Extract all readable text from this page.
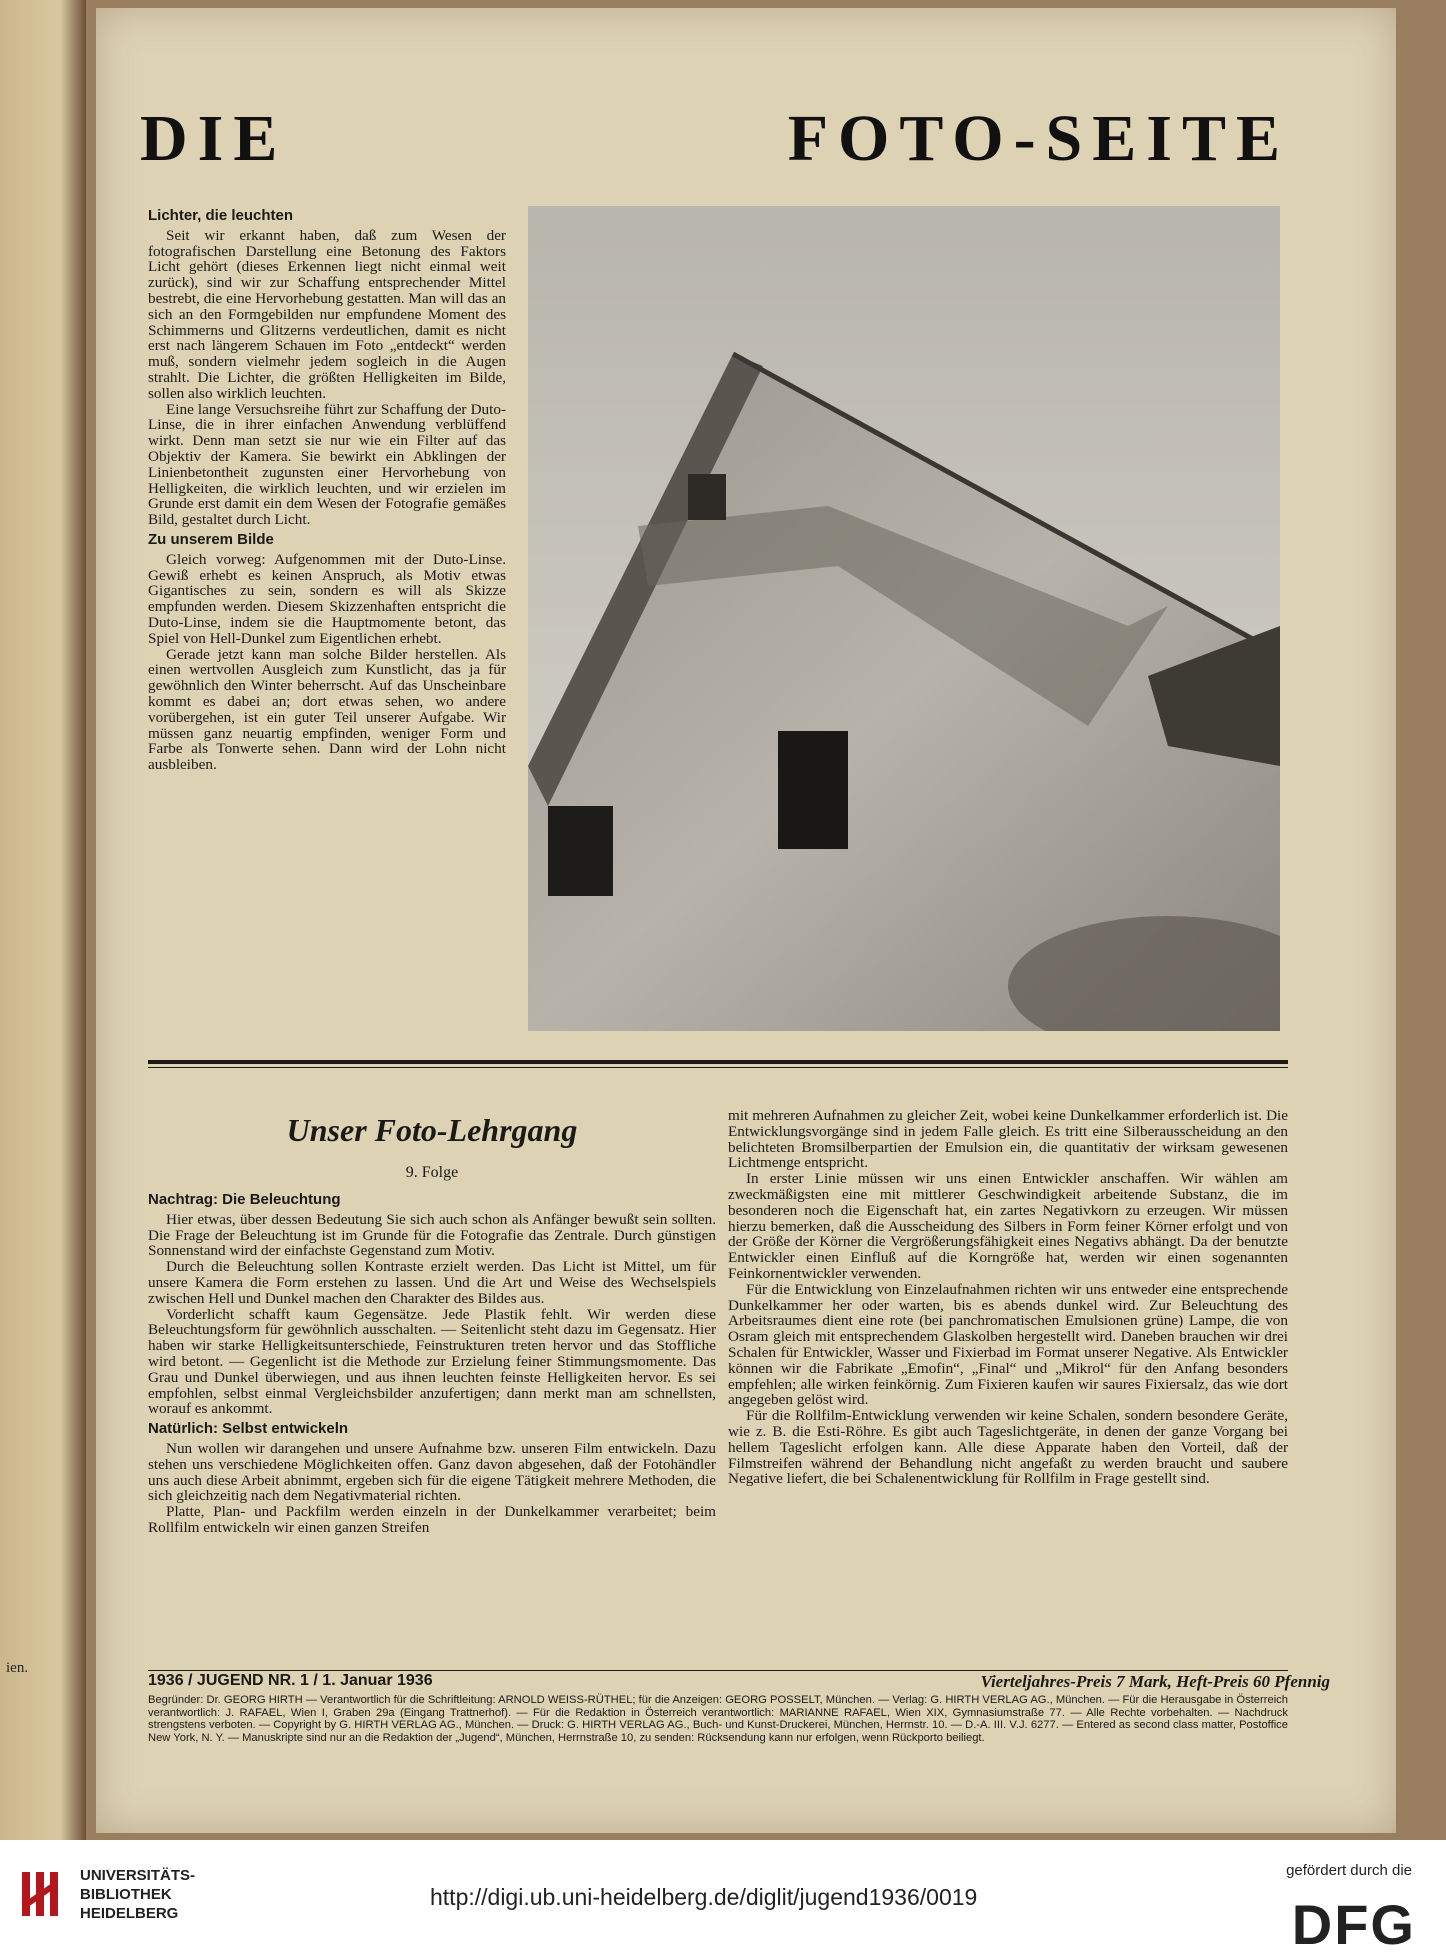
ien.
DIE FOTO-SEITE
Lichter, die leuchten

Seit wir erkannt haben, daß zum Wesen der fotografischen Darstellung eine Betonung des Faktors Licht gehört (dieses Erkennen liegt nicht einmal weit zurück), sind wir zur Schaffung entsprechender Mittel bestrebt, die eine Hervorhebung gestatten. Man will das an sich an den Formgebilden nur empfundene Moment des Schimmerns und Glitzerns verdeutlichen, damit es nicht erst nach längerem Schauen im Foto „entdeckt“ werden muß, sondern vielmehr jedem sogleich in die Augen strahlt. Die Lichter, die größten Helligkeiten im Bilde, sollen also wirklich leuchten.

Eine lange Versuchsreihe führt zur Schaffung der Duto-Linse, die in ihrer einfachen Anwendung verblüffend wirkt. Denn man setzt sie nur wie ein Filter auf das Objektiv der Kamera. Sie bewirkt ein Abklingen der Linienbetontheit zugunsten einer Hervorhebung von Helligkeiten, die wirklich leuchten, und wir erzielen im Grunde erst damit ein dem Wesen der Fotografie gemäßes Bild, gestaltet durch Licht.

Zu unserem Bilde

Gleich vorweg: Aufgenommen mit der Duto-Linse. Gewiß erhebt es keinen Anspruch, als Motiv etwas Gigantisches zu sein, sondern es will als Skizze empfunden werden. Diesem Skizzenhaften entspricht die Duto-Linse, indem sie die Hauptmomente betont, das Spiel von Hell-Dunkel zum Eigentlichen erhebt.

Gerade jetzt kann man solche Bilder herstellen. Als einen wertvollen Ausgleich zum Kunstlicht, das ja für gewöhnlich den Winter beherrscht. Auf das Unscheinbare kommt es dabei an; dort etwas sehen, wo andere vorübergehen, ist ein guter Teil unserer Aufgabe. Wir müssen ganz neuartig empfinden, weniger Form und Farbe als Tonwerte sehen. Dann wird der Lohn nicht ausbleiben.

Unser Foto-Lehrgang
9. Folge
Nachtrag: Die Beleuchtung

Hier etwas, über dessen Bedeutung Sie sich auch schon als Anfänger bewußt sein sollten. Die Frage der Beleuchtung ist im Grunde für die Fotografie das Zentrale. Durch günstigen Sonnenstand wird der einfachste Gegenstand zum Motiv.

Durch die Beleuchtung sollen Kontraste erzielt werden. Das Licht ist Mittel, um für unsere Kamera die Form erstehen zu lassen. Und die Art und Weise des Wechselspiels zwischen Hell und Dunkel machen den Charakter des Bildes aus.

Vorderlicht schafft kaum Gegensätze. Jede Plastik fehlt. Wir werden diese Beleuchtungsform für gewöhnlich ausschalten. — Seitenlicht steht dazu im Gegensatz. Hier haben wir starke Helligkeitsunterschiede, Feinstrukturen treten hervor und das Stoffliche wird betont. — Gegenlicht ist die Methode zur Erzielung feiner Stimmungsmomente. Das Grau und Dunkel überwiegen, und aus ihnen leuchten feinste Helligkeiten hervor. Es sei empfohlen, selbst einmal Vergleichsbilder anzufertigen; dann merkt man am schnellsten, worauf es ankommt.

Natürlich: Selbst entwickeln

Nun wollen wir darangehen und unsere Aufnahme bzw. unseren Film entwickeln. Dazu stehen uns verschiedene Möglichkeiten offen. Ganz davon abgesehen, daß der Fotohändler uns auch diese Arbeit abnimmt, ergeben sich für die eigene Tätigkeit mehrere Methoden, die sich gleichzeitig nach dem Negativmaterial richten.

Platte, Plan- und Packfilm werden einzeln in der Dunkelkammer verarbeitet; beim Rollfilm entwickeln wir einen ganzen Streifen

mit mehreren Aufnahmen zu gleicher Zeit, wobei keine Dunkelkammer erforderlich ist. Die Entwicklungsvorgänge sind in jedem Falle gleich. Es tritt eine Silberausscheidung an den belichteten Bromsilberpartien der Emulsion ein, die quantitativ der wirksam gewesenen Lichtmenge entspricht.

In erster Linie müssen wir uns einen Entwickler anschaffen. Wir wählen am zweckmäßigsten eine mit mittlerer Geschwindigkeit arbeitende Substanz, die im besonderen noch die Eigenschaft hat, ein zartes Negativkorn zu erzeugen. Wir müssen hierzu bemerken, daß die Ausscheidung des Silbers in Form feiner Körner erfolgt und von der Größe der Körner die Vergrößerungsfähigkeit eines Negativs abhängt. Da der benutzte Entwickler einen Einfluß auf die Korngröße hat, werden wir einen sogenannten Feinkornentwickler verwenden.

Für die Entwicklung von Einzelaufnahmen richten wir uns entweder eine entsprechende Dunkelkammer her oder warten, bis es abends dunkel wird. Zur Beleuchtung des Arbeitsraumes dient eine rote (bei panchromatischen Emulsionen grüne) Lampe, die von Osram gleich mit entsprechendem Glaskolben hergestellt wird. Daneben brauchen wir drei Schalen für Entwickler, Wasser und Fixierbad im Format unserer Negative. Als Entwickler können wir die Fabrikate „Emofin“, „Final“ und „Mikrol“ für den Anfang besonders empfehlen; alle wirken feinkörnig. Zum Fixieren kaufen wir saures Fixiersalz, das wie dort angegeben gelöst wird.

Für die Rollfilm-Entwicklung verwenden wir keine Schalen, sondern besondere Geräte, wie z. B. die Esti-Röhre. Es gibt auch Tageslichtgeräte, in denen der ganze Vorgang bei hellem Tageslicht erfolgen kann. Alle diese Apparate haben den Vorteil, daß der Filmstreifen während der Behandlung nicht angefaßt zu werden braucht und saubere Negative liefert, die bei Schalenentwicklung für Rollfilm in Frage gestellt sind.

1936 / JUGEND NR. 1 / 1. Januar 1936	Vierteljahres-Preis 7 Mark, Heft-Preis 60 Pfennig
Begründer: Dr. GEORG HIRTH — Verantwortlich für die Schriftleitung: ARNOLD WEISS-RÜTHEL; für die Anzeigen: GEORG POSSELT, München. — Verlag: G. HIRTH VERLAG AG., München. — Für die Herausgabe in Österreich verantwortlich: J. RAFAEL, Wien I, Graben 29a (Eingang Trattnerhof). — Für die Redaktion in Österreich verantwortlich: MARIANNE RAFAEL, Wien XIX, Gymnasiumstraße 77. — Alle Rechte vorbehalten. — Nachdruck strengstens verboten. — Copyright by G. HIRTH VERLAG AG., München. — Druck: G. HIRTH VERLAG AG., Buch- und Kunst-Druckerei, München, Herrnstr. 10. — D.-A. III. V.J. 6277. — Entered as second class matter, Postoffice New York, N. Y. — Manuskripte sind nur an die Redaktion der „Jugend“, München, Herrnstraße 10, zu senden: Rücksendung kann nur erfolgen, wenn Rückporto beiliegt.
UNIVERSITÄTS-
BIBLIOTHEK
HEIDELBERG
http://digi.ub.uni-heidelberg.de/diglit/jugend1936/0019
gefördert durch die
DFG
